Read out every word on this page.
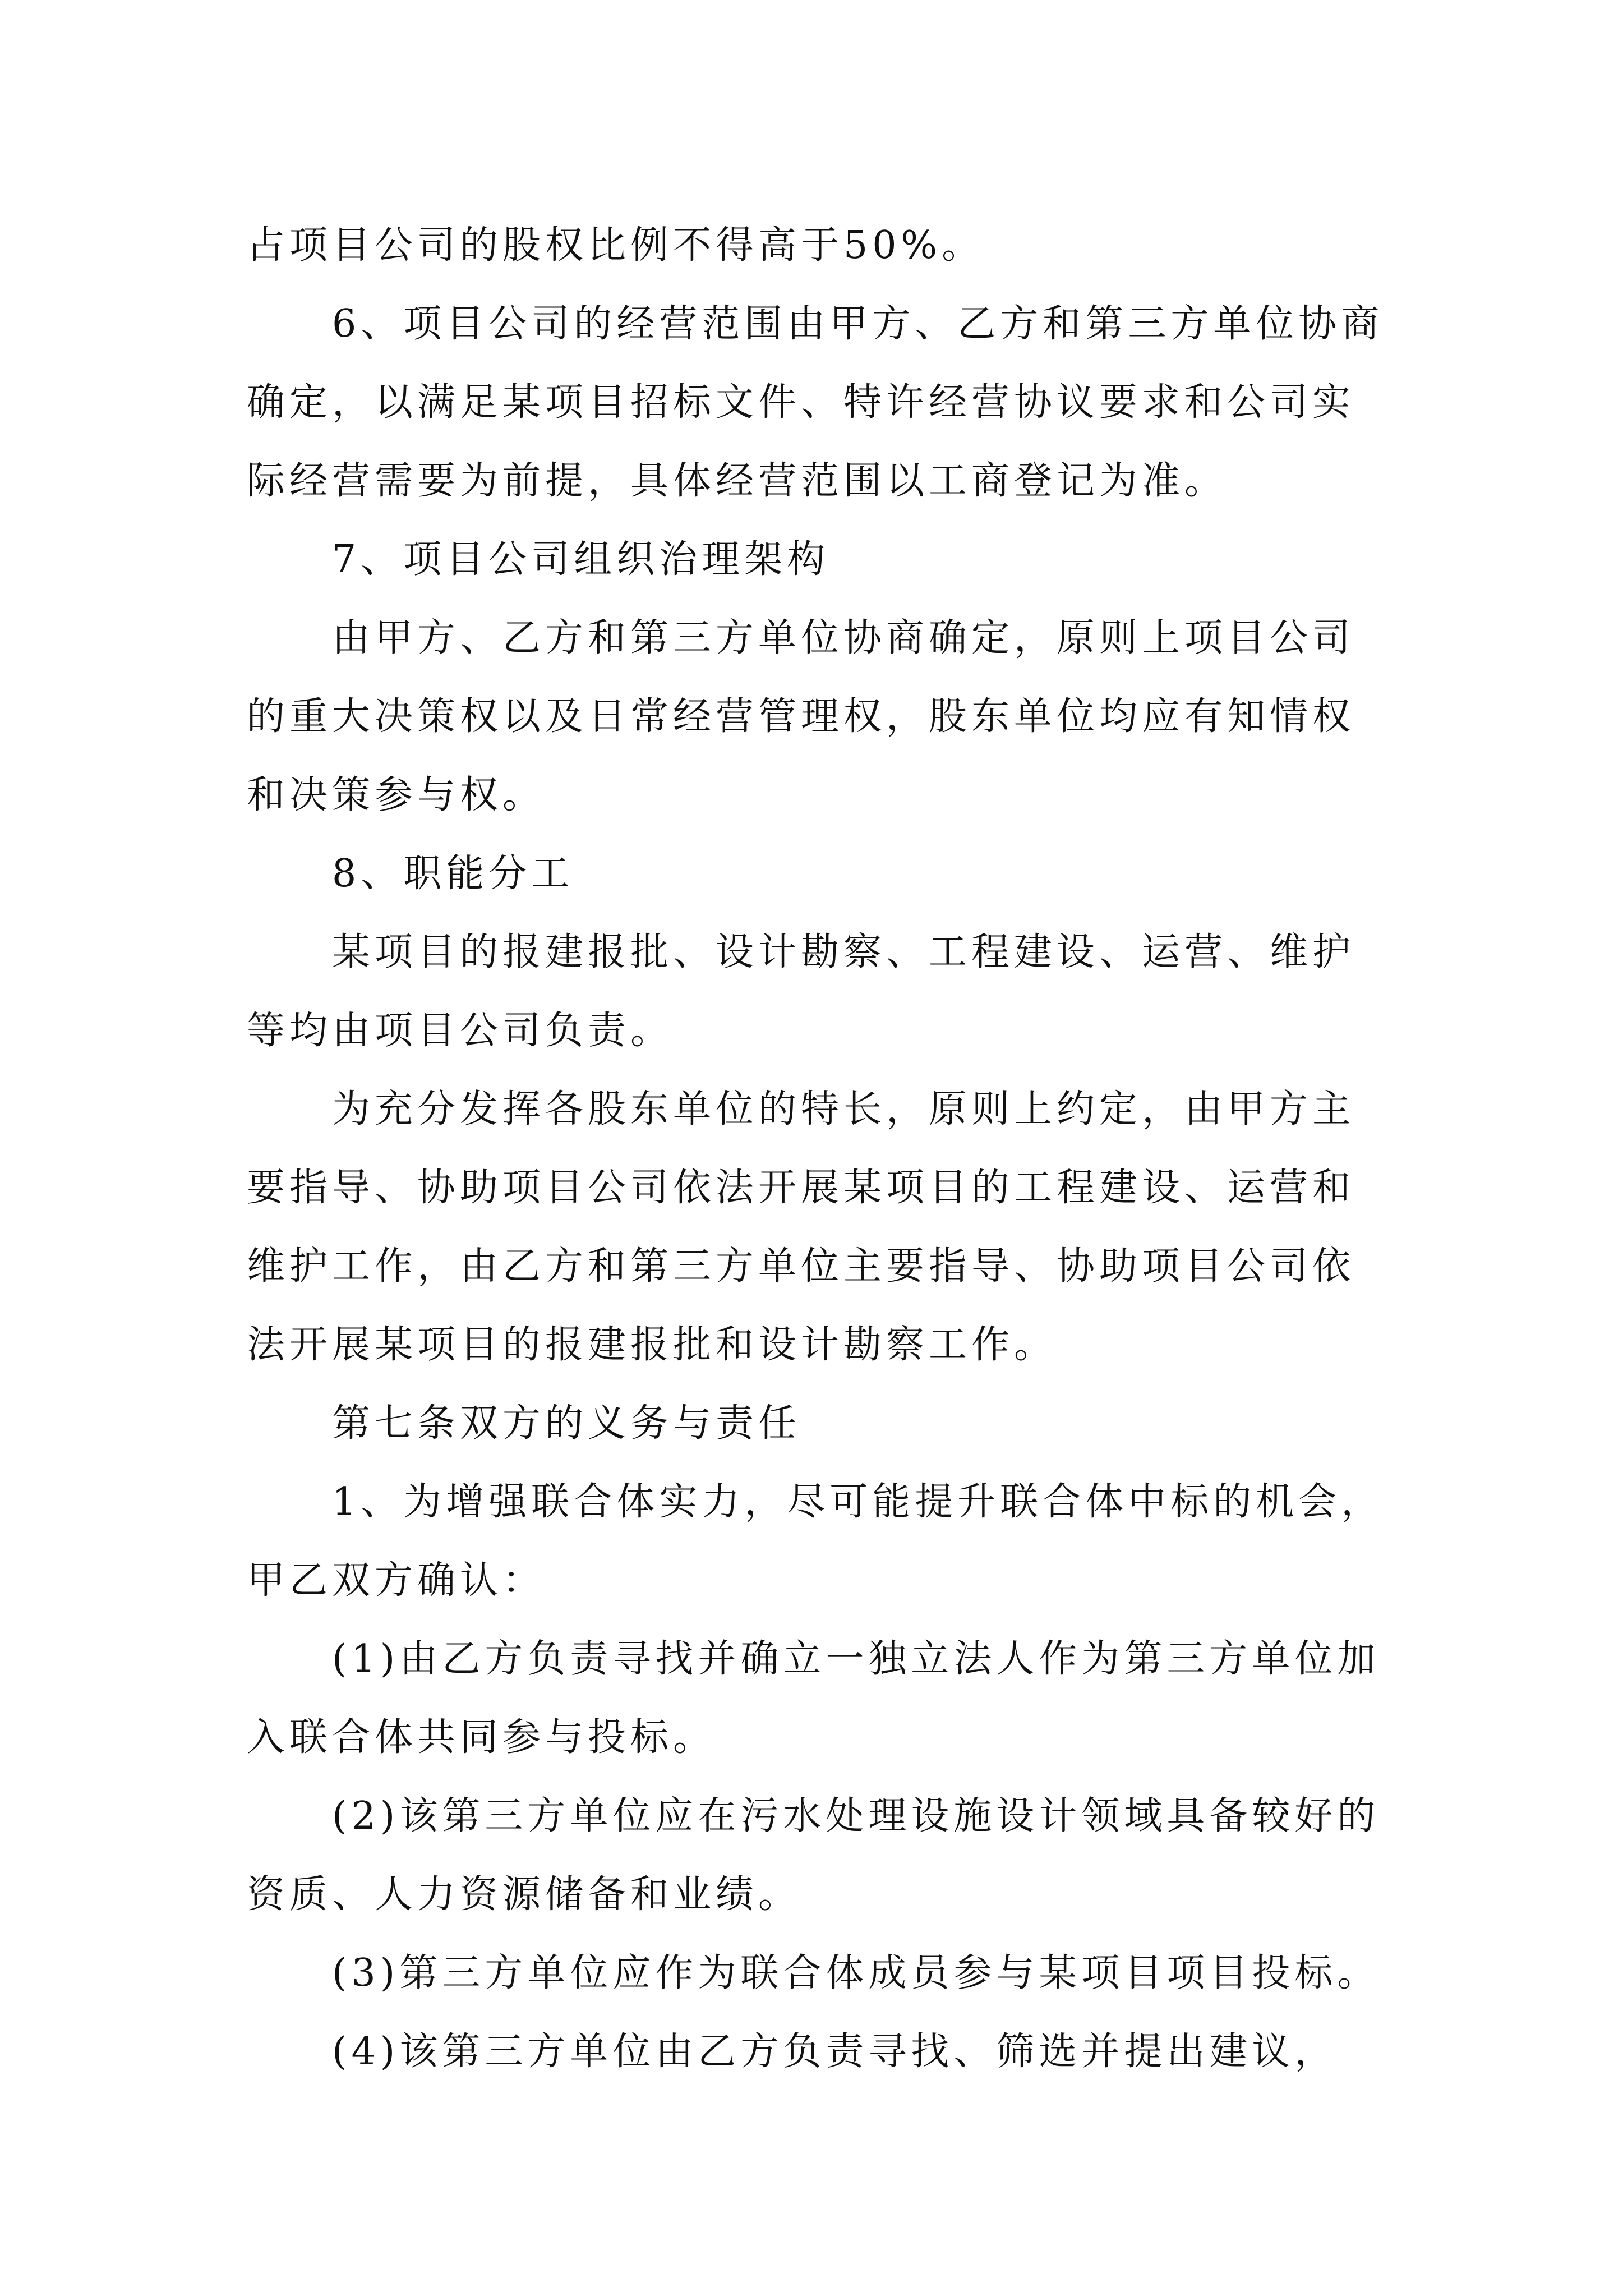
占项目公司的股权比例不得高于50%。

6、项目公司的经营范围由甲方、乙方和第三方单位协商确定，以满足某项目招标文件、特许经营协议要求和公司实际经营需要为前提，具体经营范围以工商登记为准。

7、项目公司组织治理架构

由甲方、乙方和第三方单位协商确定，原则上项目公司的重大决策权以及日常经营管理权，股东单位均应有知情权和决策参与权。

8、职能分工

某项目的报建报批、设计勘察、工程建设、运营、维护等均由项目公司负责。

为充分发挥各股东单位的特长，原则上约定，由甲方主要指导、协助项目公司依法开展某项目的工程建设、运营和维护工作，由乙方和第三方单位主要指导、协助项目公司依法开展某项目的报建报批和设计勘察工作。

第七条双方的义务与责任

1、为增强联合体实力，尽可能提升联合体中标的机会，甲乙双方确认：

(1)由乙方负责寻找并确立一独立法人作为第三方单位加入联合体共同参与投标。

(2)该第三方单位应在污水处理设施设计领域具备较好的资质、人力资源储备和业绩。

(3)第三方单位应作为联合体成员参与某项目项目投标。

(4)该第三方单位由乙方负责寻找、筛选并提出建议，
